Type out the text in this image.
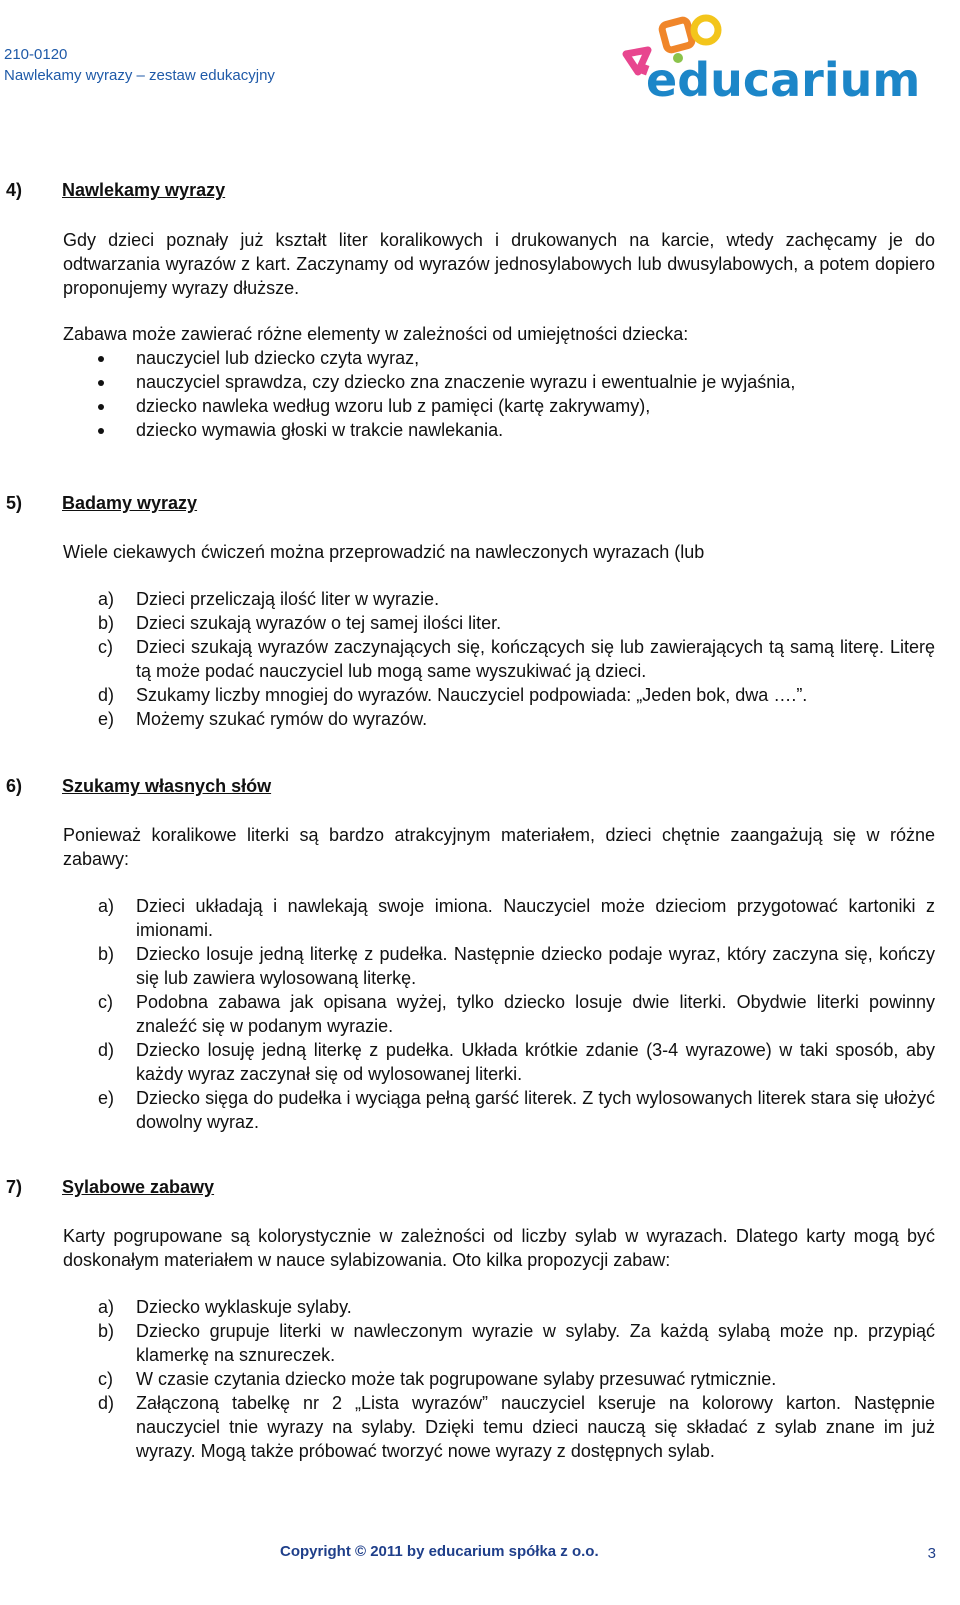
210-0120
Nawlekamy wyrazy – zestaw edukacyjny	educarium
4) Nawlekamy wyrazy
Gdy dzieci poznały już kształt liter koralikowych i drukowanych na karcie, wtedy zachęcamy je do odtwarzania wyrazów z kart. Zaczynamy od wyrazów jednosylabowych lub dwusylabowych, a potem dopiero proponujemy wyrazy dłuższe.
Zabawa może zawierać różne elementy w zależności od umiejętności dziecka:
nauczyciel lub dziecko czyta wyraz,
nauczyciel sprawdza, czy dziecko zna znaczenie wyrazu i ewentualnie je wyjaśnia,
dziecko nawleka według wzoru lub z pamięci (kartę zakrywamy),
dziecko wymawia głoski w trakcie nawlekania.
5) Badamy wyrazy
Wiele ciekawych ćwiczeń można przeprowadzić na nawleczonych wyrazach (lub
a) Dzieci przeliczają ilość liter w wyrazie.
b) Dzieci szukają wyrazów o tej samej ilości liter.
c) Dzieci szukają wyrazów zaczynających się, kończących się lub zawierających tą samą literę. Literę tą może podać nauczyciel lub mogą same wyszukiwać ją dzieci.
d) Szukamy liczby mnogiej do wyrazów. Nauczyciel podpowiada: „Jeden bok, dwa ….”.
e) Możemy szukać rymów do wyrazów.
6) Szukamy własnych słów
Ponieważ koralikowe literki są bardzo atrakcyjnym materiałem, dzieci chętnie zaangażują się w różne zabawy:
a) Dzieci układają i nawlekają swoje imiona. Nauczyciel może dzieciom przygotować kartoniki z imionami.
b) Dziecko losuje jedną literkę z pudełka. Następnie dziecko podaje wyraz, który zaczyna się, kończy się lub zawiera wylosowaną literkę.
c) Podobna zabawa jak opisana wyżej, tylko dziecko losuje dwie literki. Obydwie literki powinny znaleźć się w podanym wyrazie.
d) Dziecko losuję jedną literkę z pudełka. Układa krótkie zdanie (3-4 wyrazowe) w taki sposób, aby każdy wyraz zaczynał się od wylosowanej literki.
e) Dziecko sięga do pudełka i wyciąga pełną garść literek. Z tych wylosowanych literek stara się ułożyć dowolny wyraz.
7) Sylabowe zabawy
Karty pogrupowane są kolorystycznie w zależności od liczby sylab w wyrazach. Dlatego karty mogą być doskonałym materiałem w nauce sylabizowania. Oto kilka propozycji zabaw:
a) Dziecko wyklaskuje sylaby.
b) Dziecko grupuje literki w nawleczonym wyrazie w sylaby. Za każdą sylabą może np. przypiąć klamerkę na sznureczek.
c) W czasie czytania dziecko może tak pogrupowane sylaby przesuwać rytmicznie.
d) Załączoną tabelkę nr 2 „Lista wyrazów” nauczyciel kseruje na kolorowy karton. Następnie nauczyciel tnie wyrazy na sylaby. Dzięki temu dzieci nauczą się składać z sylab znane im już wyrazy. Mogą także próbować tworzyć nowe wyrazy z dostępnych sylab.
Copyright © 2011 by educarium spółka z o.o.	3
